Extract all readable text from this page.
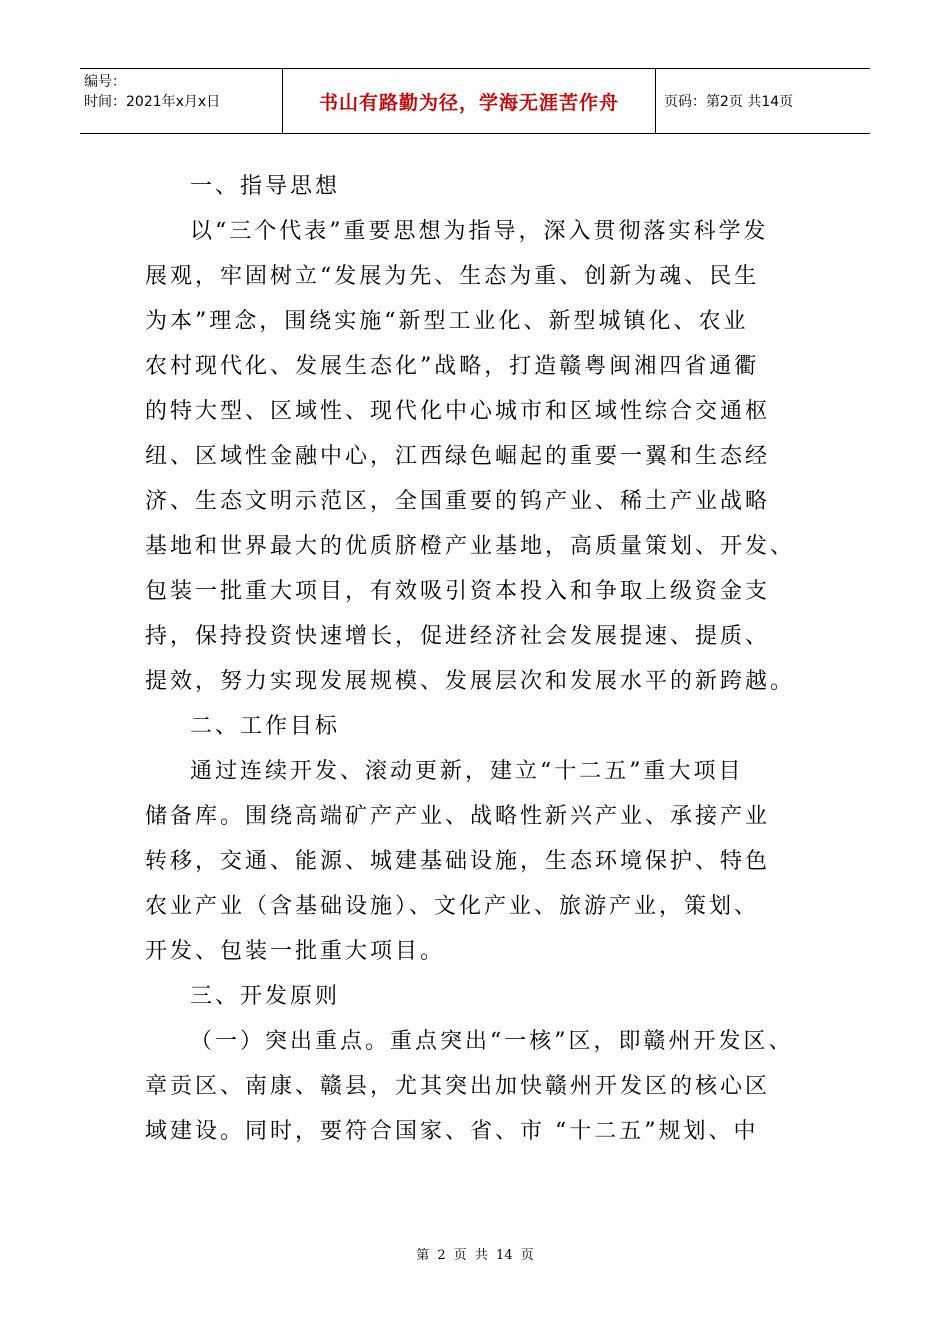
编号：
时间：2021年x月x日	书山有路勤为径，学海无涯苦作舟	页码：第2页 共14页
一、指导思想
以“三个代表”重要思想为指导，深入贯彻落实科学发
展观，牢固树立“发展为先、生态为重、创新为魂、民生
为本”理念，围绕实施“新型工业化、新型城镇化、农业
农村现代化、发展生态化”战略，打造赣粤闽湘四省通衢
的特大型、区域性、现代化中心城市和区域性综合交通枢
纽、区域性金融中心，江西绿色崛起的重要一翼和生态经
济、生态文明示范区，全国重要的钨产业、稀土产业战略
基地和世界最大的优质脐橙产业基地，高质量策划、开发、
包装一批重大项目，有效吸引资本投入和争取上级资金支
持，保持投资快速增长，促进经济社会发展提速、提质、
提效，努力实现发展规模、发展层次和发展水平的新跨越。
二、工作目标
通过连续开发、滚动更新，建立“十二五”重大项目
储备库。围绕高端矿产产业、战略性新兴产业、承接产业
转移，交通、能源、城建基础设施，生态环境保护、特色
农业产业（含基础设施）、文化产业、旅游产业，策划、
开发、包装一批重大项目。
三、开发原则
（一）突出重点。重点突出“一核”区，即赣州开发区、
章贡区、南康、赣县，尤其突出加快赣州开发区的核心区
域建设。同时，要符合国家、省、市 “十二五”规划、中
第 2 页 共 14 页
